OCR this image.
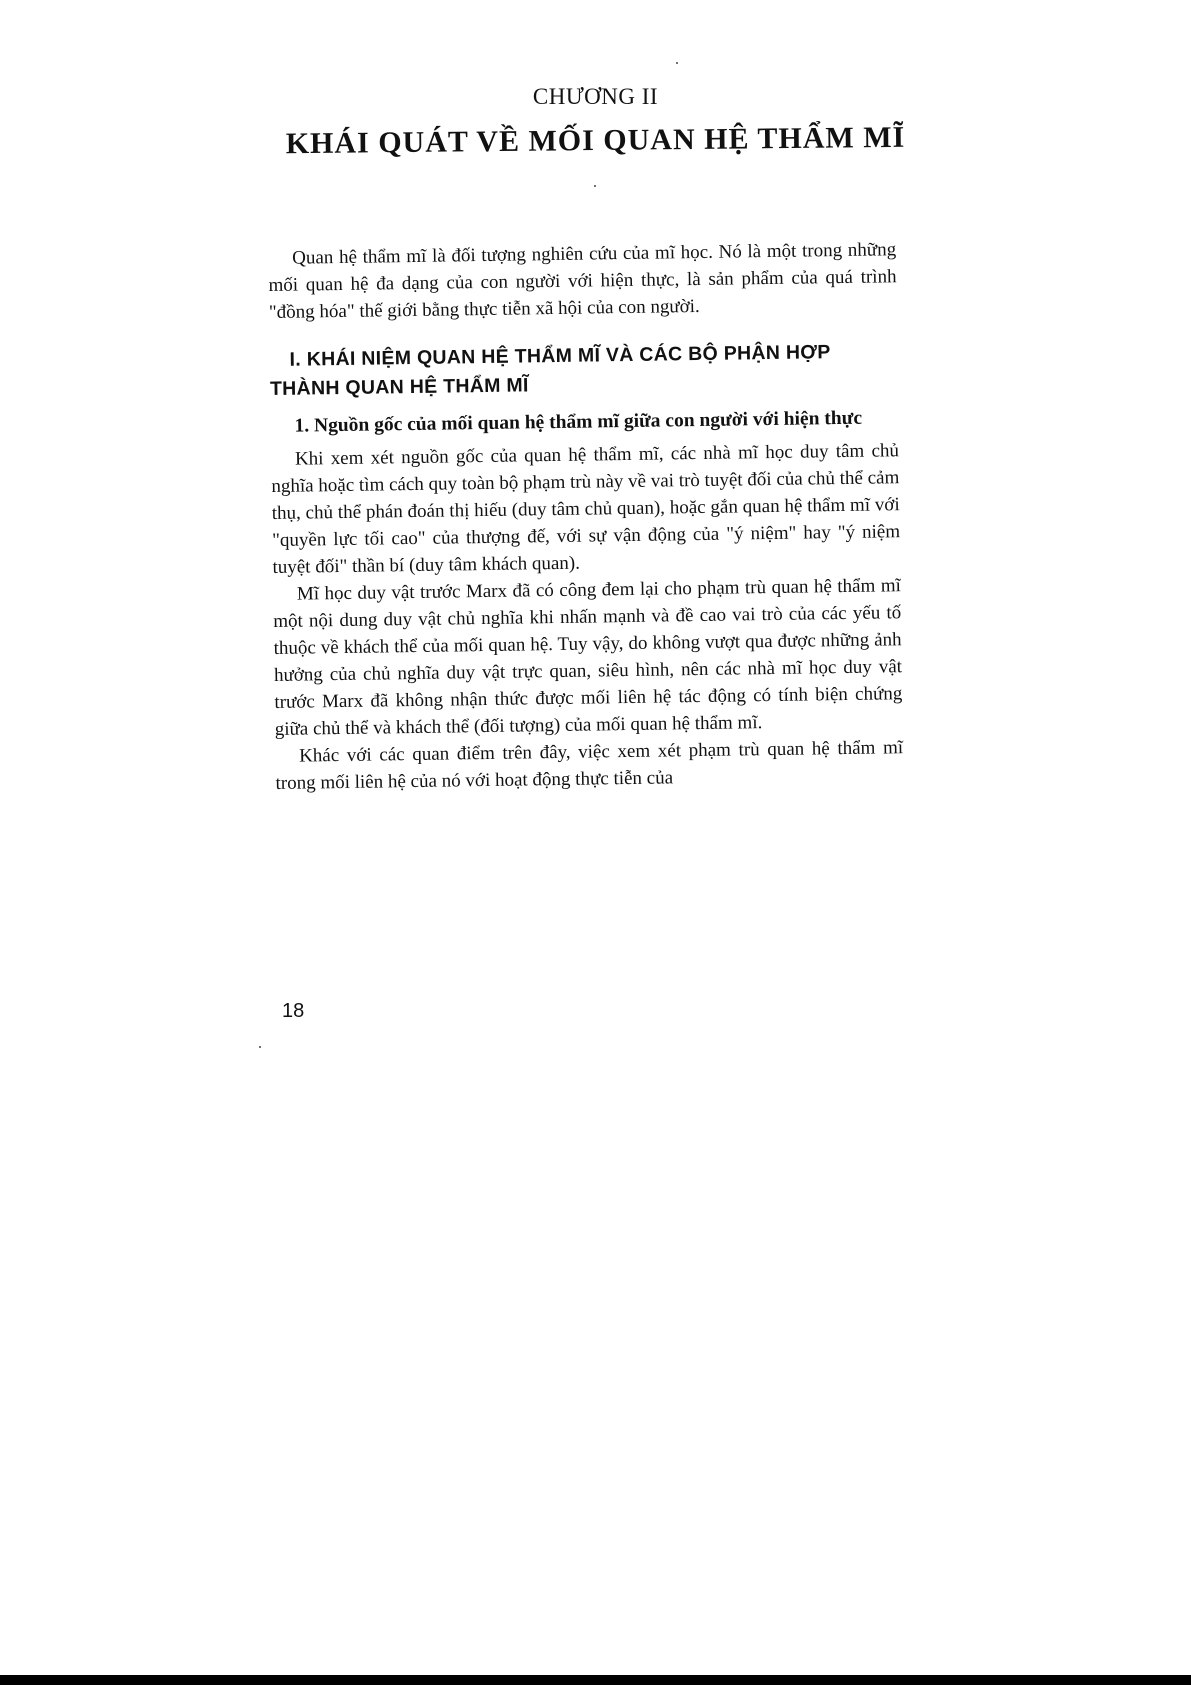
CHƯƠNG II
KHÁI QUÁT VỀ MỐI QUAN HỆ THẨM MĨ

Quan hệ thẩm mĩ là đối tượng nghiên cứu của mĩ học. Nó là một trong những mối quan hệ đa dạng của con người với hiện thực, là sản phẩm của quá trình "đồng hóa" thế giới bằng thực tiễn xã hội của con người.

I. KHÁI NIỆM QUAN HỆ THẨM MĨ VÀ CÁC BỘ PHẬN HỢP THÀNH QUAN HỆ THẨM MĨ

1. Nguồn gốc của mối quan hệ thẩm mĩ giữa con người với hiện thực

Khi xem xét nguồn gốc của quan hệ thẩm mĩ, các nhà mĩ học duy tâm chủ nghĩa hoặc tìm cách quy toàn bộ phạm trù này về vai trò tuyệt đối của chủ thể cảm thụ, chủ thể phán đoán thị hiếu (duy tâm chủ quan), hoặc gắn quan hệ thẩm mĩ với "quyền lực tối cao" của thượng đế, với sự vận động của "ý niệm" hay "ý niệm tuyệt đối" thần bí (duy tâm khách quan).

Mĩ học duy vật trước Marx đã có công đem lại cho phạm trù quan hệ thẩm mĩ một nội dung duy vật chủ nghĩa khi nhấn mạnh và đề cao vai trò của các yếu tố thuộc về khách thể của mối quan hệ. Tuy vậy, do không vượt qua được những ảnh hưởng của chủ nghĩa duy vật trực quan, siêu hình, nên các nhà mĩ học duy vật trước Marx đã không nhận thức được mối liên hệ tác động có tính biện chứng giữa chủ thể và khách thể (đối tượng) của mối quan hệ thẩm mĩ.

Khác với các quan điểm trên đây, việc xem xét phạm trù quan hệ thẩm mĩ trong mối liên hệ của nó với hoạt động thực tiễn của

18
